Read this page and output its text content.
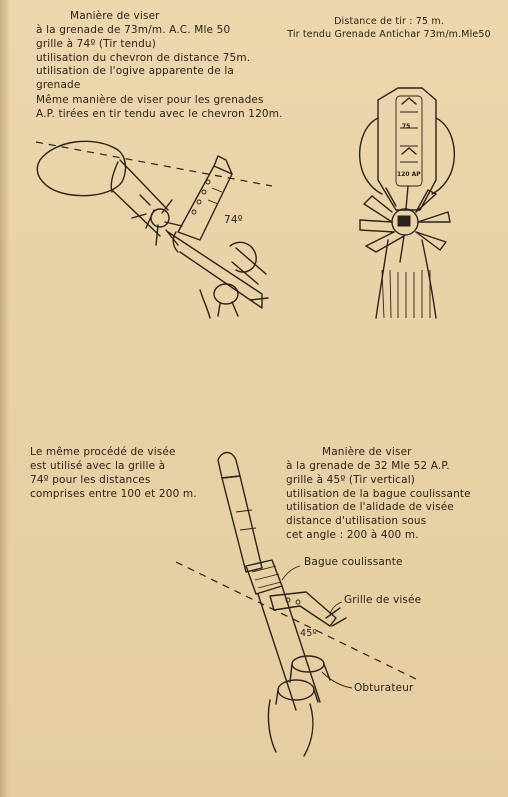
Manière de viser
à la grenade de 73m/m. A.C. Mle 50
grille à 74º (Tir tendu)
utilisation du chevron de distance 75m.
utilisation de l'ogive apparente de la
grenade
Même manière de viser pour les grenades
A.P. tirées en tir tendu avec le chevron 120m.
Distance de tir : 75 m.
Tir tendu Grenade Antichar 73m/m.Mle50
74º
120 AP
75
Le même procédé de visée
est utilisé avec la grille à
74º pour les distances
comprises entre 100 et 200 m.
Manière de viser
à la grenade de 32 Mle 52 A.P.
grille à 45º (Tir vertical)
utilisation de la bague coulissante
utilisation de l'alidade de visée
distance d'utilisation sous
cet angle : 200 à 400 m.
Bague coulissante
Grille de visée
45º
Obturateur
